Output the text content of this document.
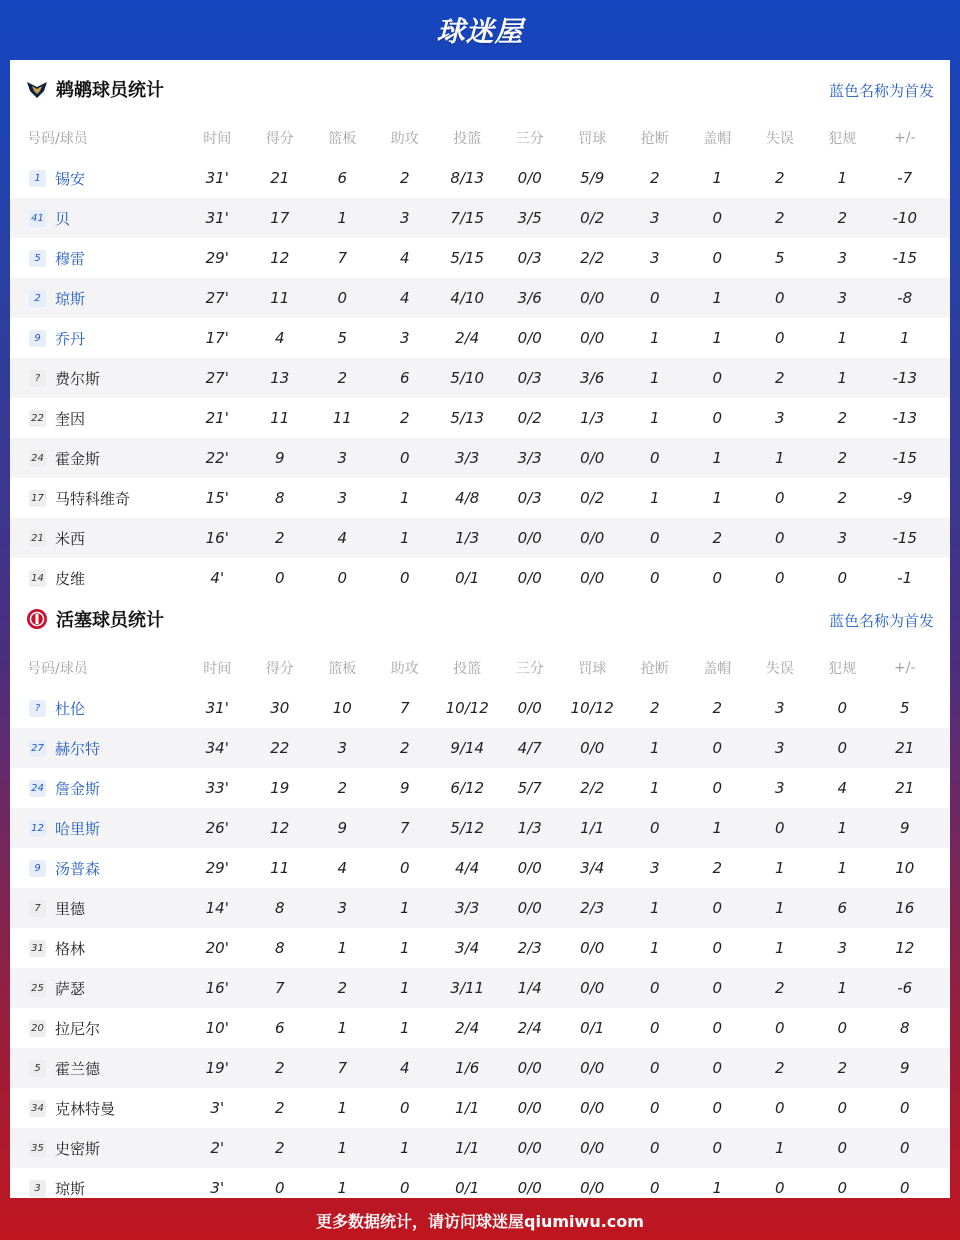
球迷屋
鹈鹕球员统计	蓝色名称为首发
号码/球员	时间	得分	篮板	助攻	投篮	三分	罚球	抢断	盖帽	失误	犯规	+/-
1 锡安	31'	21	6	2	8/13	0/0	5/9	2	1	2	1	-7
41 贝	31'	17	1	3	7/15	3/5	0/2	3	0	2	2	-10
5 穆雷	29'	12	7	4	5/15	0/3	2/2	3	0	5	3	-15
2 琼斯	27'	11	0	4	4/10	3/6	0/0	0	1	0	3	-8
9 乔丹	17'	4	5	3	2/4	0/0	0/0	1	1	0	1	1
? 费尔斯	27'	13	2	6	5/10	0/3	3/6	1	0	2	1	-13
22 奎因	21'	11	11	2	5/13	0/2	1/3	1	0	3	2	-13
24 霍金斯	22'	9	3	0	3/3	3/3	0/0	0	1	1	2	-15
17 马特科维奇	15'	8	3	1	4/8	0/3	0/2	1	1	0	2	-9
21 米西	16'	2	4	1	1/3	0/0	0/0	0	2	0	3	-15
14 皮维	4'	0	0	0	0/1	0/0	0/0	0	0	0	0	-1
活塞球员统计	蓝色名称为首发
号码/球员	时间	得分	篮板	助攻	投篮	三分	罚球	抢断	盖帽	失误	犯规	+/-
? 杜伦	31'	30	10	7	10/12	0/0	10/12	2	2	3	0	5
27 赫尔特	34'	22	3	2	9/14	4/7	0/0	1	0	3	0	21
24 詹金斯	33'	19	2	9	6/12	5/7	2/2	1	0	3	4	21
12 哈里斯	26'	12	9	7	5/12	1/3	1/1	0	1	0	1	9
9 汤普森	29'	11	4	0	4/4	0/0	3/4	3	2	1	1	10
7 里德	14'	8	3	1	3/3	0/0	2/3	1	0	1	6	16
31 格林	20'	8	1	1	3/4	2/3	0/0	1	0	1	3	12
25 萨瑟	16'	7	2	1	3/11	1/4	0/0	0	0	2	1	-6
20 拉尼尔	10'	6	1	1	2/4	2/4	0/1	0	0	0	0	8
5 霍兰德	19'	2	7	4	1/6	0/0	0/0	0	0	2	2	9
34 克林特曼	3'	2	1	0	1/1	0/0	0/0	0	0	0	0	0
35 史密斯	2'	2	1	1	1/1	0/0	0/0	0	0	1	0	0
3 琼斯	3'	0	1	0	0/1	0/0	0/0	0	1	0	0	0
更多数据统计，请访问球迷屋qiumiwu.com
